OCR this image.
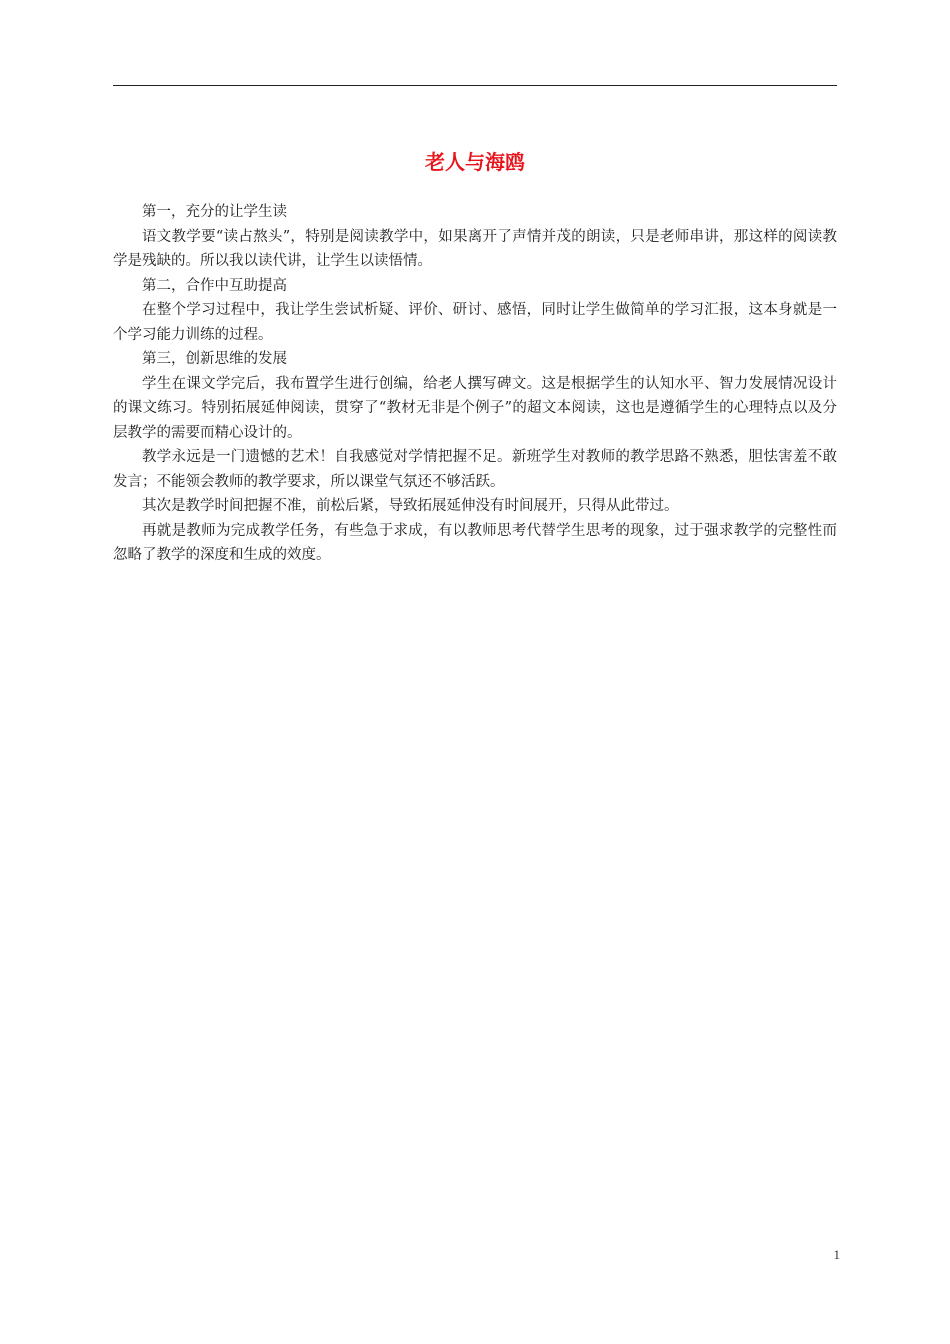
老人与海鸥

第一，充分的让学生读

语文教学要“读占熬头”，特别是阅读教学中，如果离开了声情并茂的朗读，只是老师串讲，那这样的阅读教学是残缺的。所以我以读代讲，让学生以读悟情。

第二，合作中互助提高

在整个学习过程中，我让学生尝试析疑、评价、研讨、感悟，同时让学生做简单的学习汇报，这本身就是一个学习能力训练的过程。

第三，创新思维的发展

学生在课文学完后，我布置学生进行创编，给老人撰写碑文。这是根据学生的认知水平、智力发展情况设计的课文练习。特别拓展延伸阅读，贯穿了“教材无非是个例子”的超文本阅读，这也是遵循学生的心理特点以及分层教学的需要而精心设计的。

教学永远是一门遗憾的艺术！自我感觉对学情把握不足。新班学生对教师的教学思路不熟悉，胆怯害羞不敢发言；不能领会教师的教学要求，所以课堂气氛还不够活跃。

其次是教学时间把握不准，前松后紧，导致拓展延伸没有时间展开，只得从此带过。

再就是教师为完成教学任务，有些急于求成，有以教师思考代替学生思考的现象，过于强求教学的完整性而忽略了教学的深度和生成的效度。

1
